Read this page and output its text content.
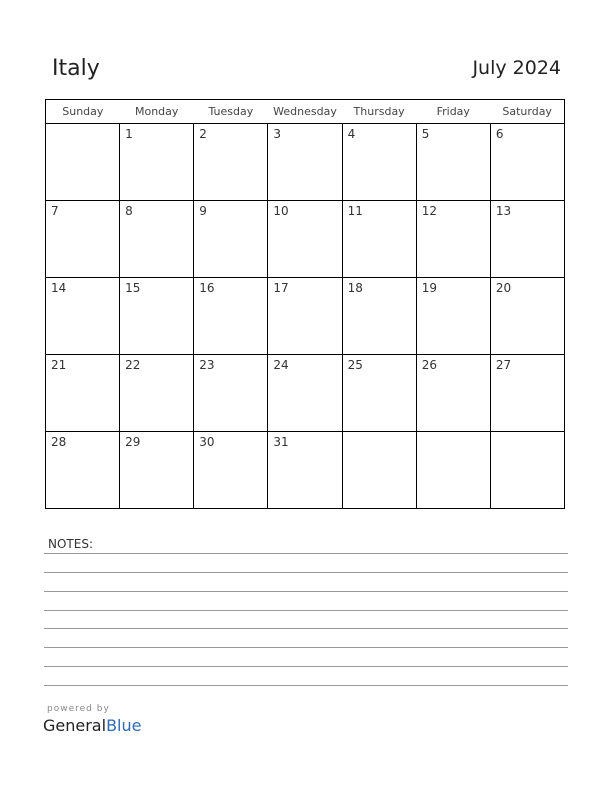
Italy	July 2024
Sunday	Monday	Tuesday	Wednesday	Thursday	Friday	Saturday

	1	2	3	4	5	6

7	8	9	10	11	12	13

14	15	16	17	18	19	20

21	22	23	24	25	26	27

28	29	30	31			

NOTES:
powered by
GeneralBlue
